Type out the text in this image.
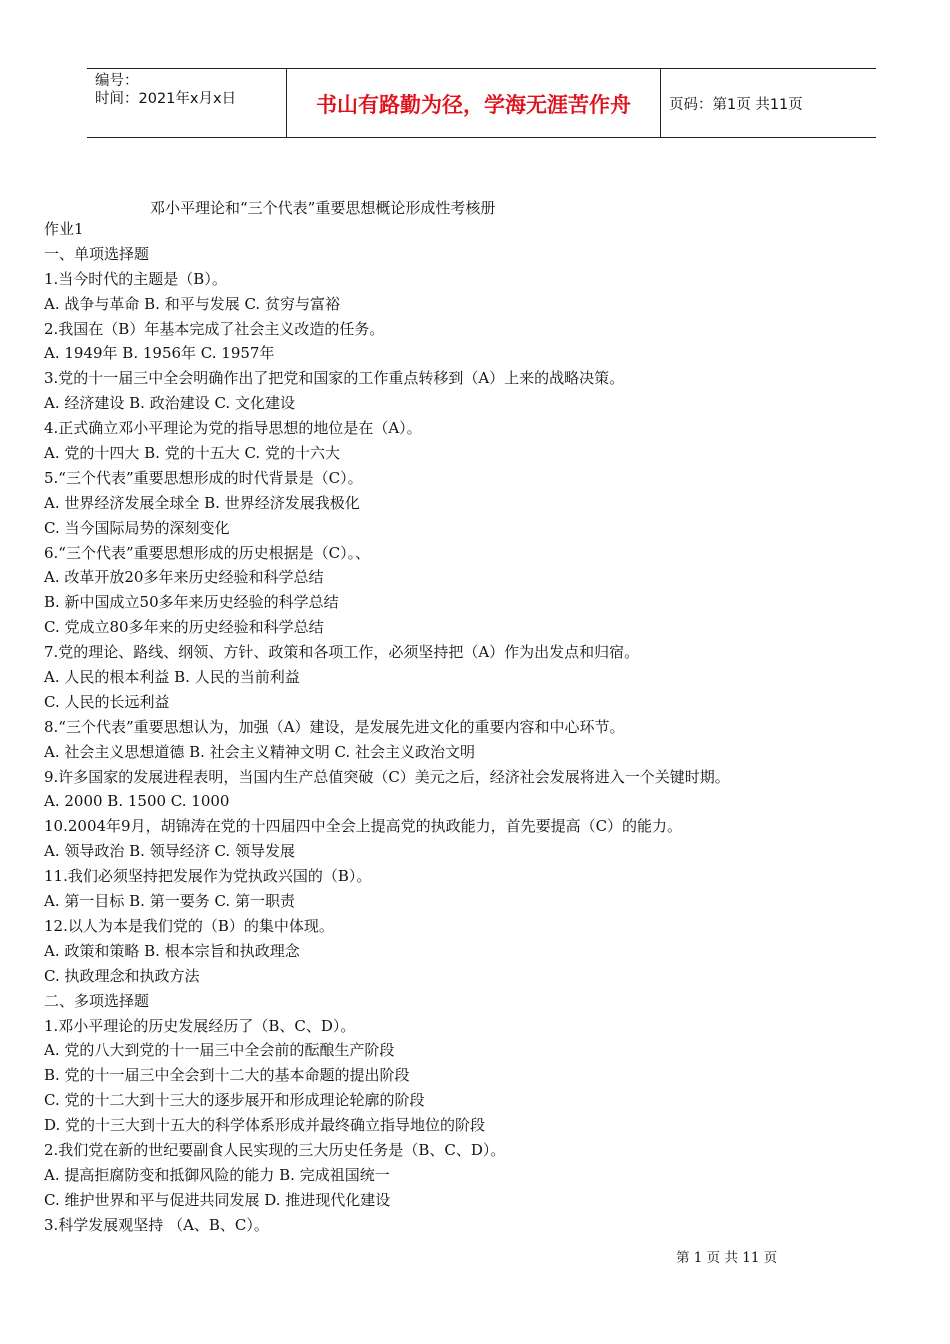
编号：
时间：2021年x月x日	书山有路勤为径，学海无涯苦作舟	页码：第1页 共11页
邓小平理论和“三个代表”重要思想概论形成性考核册
作业1
一、单项选择题
1.当今时代的主题是（B）。
A. 战争与革命 B. 和平与发展 C. 贫穷与富裕
2.我国在（B）年基本完成了社会主义改造的任务。
A. 1949年 B. 1956年 C. 1957年
3.党的十一届三中全会明确作出了把党和国家的工作重点转移到（A）上来的战略决策。
A. 经济建设 B. 政治建设 C. 文化建设
4.正式确立邓小平理论为党的指导思想的地位是在（A）。
A. 党的十四大 B. 党的十五大 C. 党的十六大
5.“三个代表”重要思想形成的时代背景是（C）。
A. 世界经济发展全球全 B. 世界经济发展我极化
C. 当今国际局势的深刻变化
6.“三个代表”重要思想形成的历史根据是（C）。、
A. 改革开放20多年来历史经验和科学总结
B. 新中国成立50多年来历史经验的科学总结
C. 党成立80多年来的历史经验和科学总结
7.党的理论、路线、纲领、方针、政策和各项工作，必须坚持把（A）作为出发点和归宿。
A. 人民的根本利益 B. 人民的当前利益
C. 人民的长远利益
8.“三个代表”重要思想认为，加强（A）建设，是发展先进文化的重要内容和中心环节。
A. 社会主义思想道德 B. 社会主义精神文明 C. 社会主义政治文明
9.许多国家的发展进程表明，当国内生产总值突破（C）美元之后，经济社会发展将进入一个关键时期。
A. 2000 B. 1500 C. 1000
10.2004年9月，胡锦涛在党的十四届四中全会上提高党的执政能力，首先要提高（C）的能力。
A. 领导政治 B. 领导经济 C. 领导发展
11.我们必须坚持把发展作为党执政兴国的（B）。
A. 第一目标 B. 第一要务 C. 第一职责
12.以人为本是我们党的（B）的集中体现。
A. 政策和策略 B. 根本宗旨和执政理念
C. 执政理念和执政方法
二、多项选择题
1.邓小平理论的历史发展经历了（B、C、D）。
A. 党的八大到党的十一届三中全会前的酝酿生产阶段
B. 党的十一届三中全会到十二大的基本命题的提出阶段
C. 党的十二大到十三大的逐步展开和形成理论轮廓的阶段
D. 党的十三大到十五大的科学体系形成并最终确立指导地位的阶段
2.我们党在新的世纪要副食人民实现的三大历史任务是（B、C、D）。
A. 提高拒腐防变和抵御风险的能力 B. 完成祖国统一
C. 维护世界和平与促进共同发展 D. 推进现代化建设
3.科学发展观坚持 （A、B、C）。
第 1 页 共 11 页
